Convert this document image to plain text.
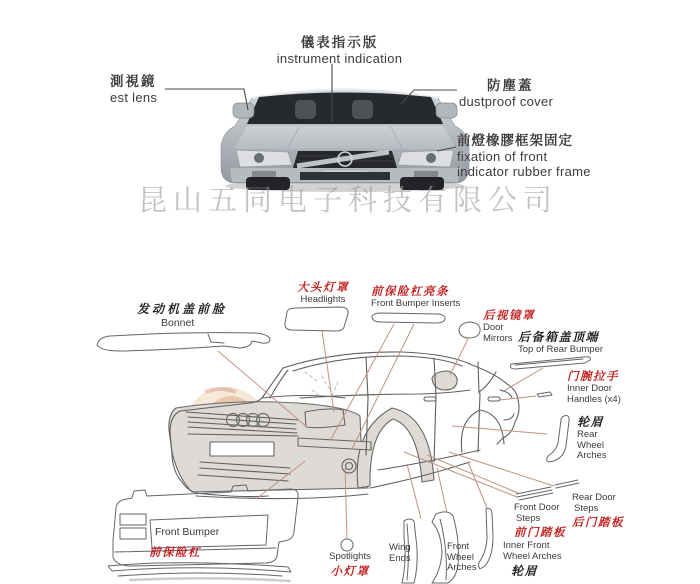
昆山五同电子科技有限公司
儀表指示版
instrument indication
測視鏡
est lens
防塵蓋
dustproof cover
前燈橡膠框架固定
fixation of front
indicator rubber frame
发动机盖前脸
Bonnet
大头灯罩
Headlights
前保险杠亮条
Front Bumper Inserts
后视镜罩
Door
Mirrors 后备箱盖顶端
Top of Rear Bumper
门腕拉手
Inner Door
Handles (x4)
轮眉
Rear
Wheel
Arches
Rear Door
Steps
后门踏板
Front Door
Steps
前门踏板
Inner Front
Wheel Arches
轮眉
Front
Wheel
Arches
Wing
Ends
Spotlights
小灯罩
Front Bumper
前保险杠
